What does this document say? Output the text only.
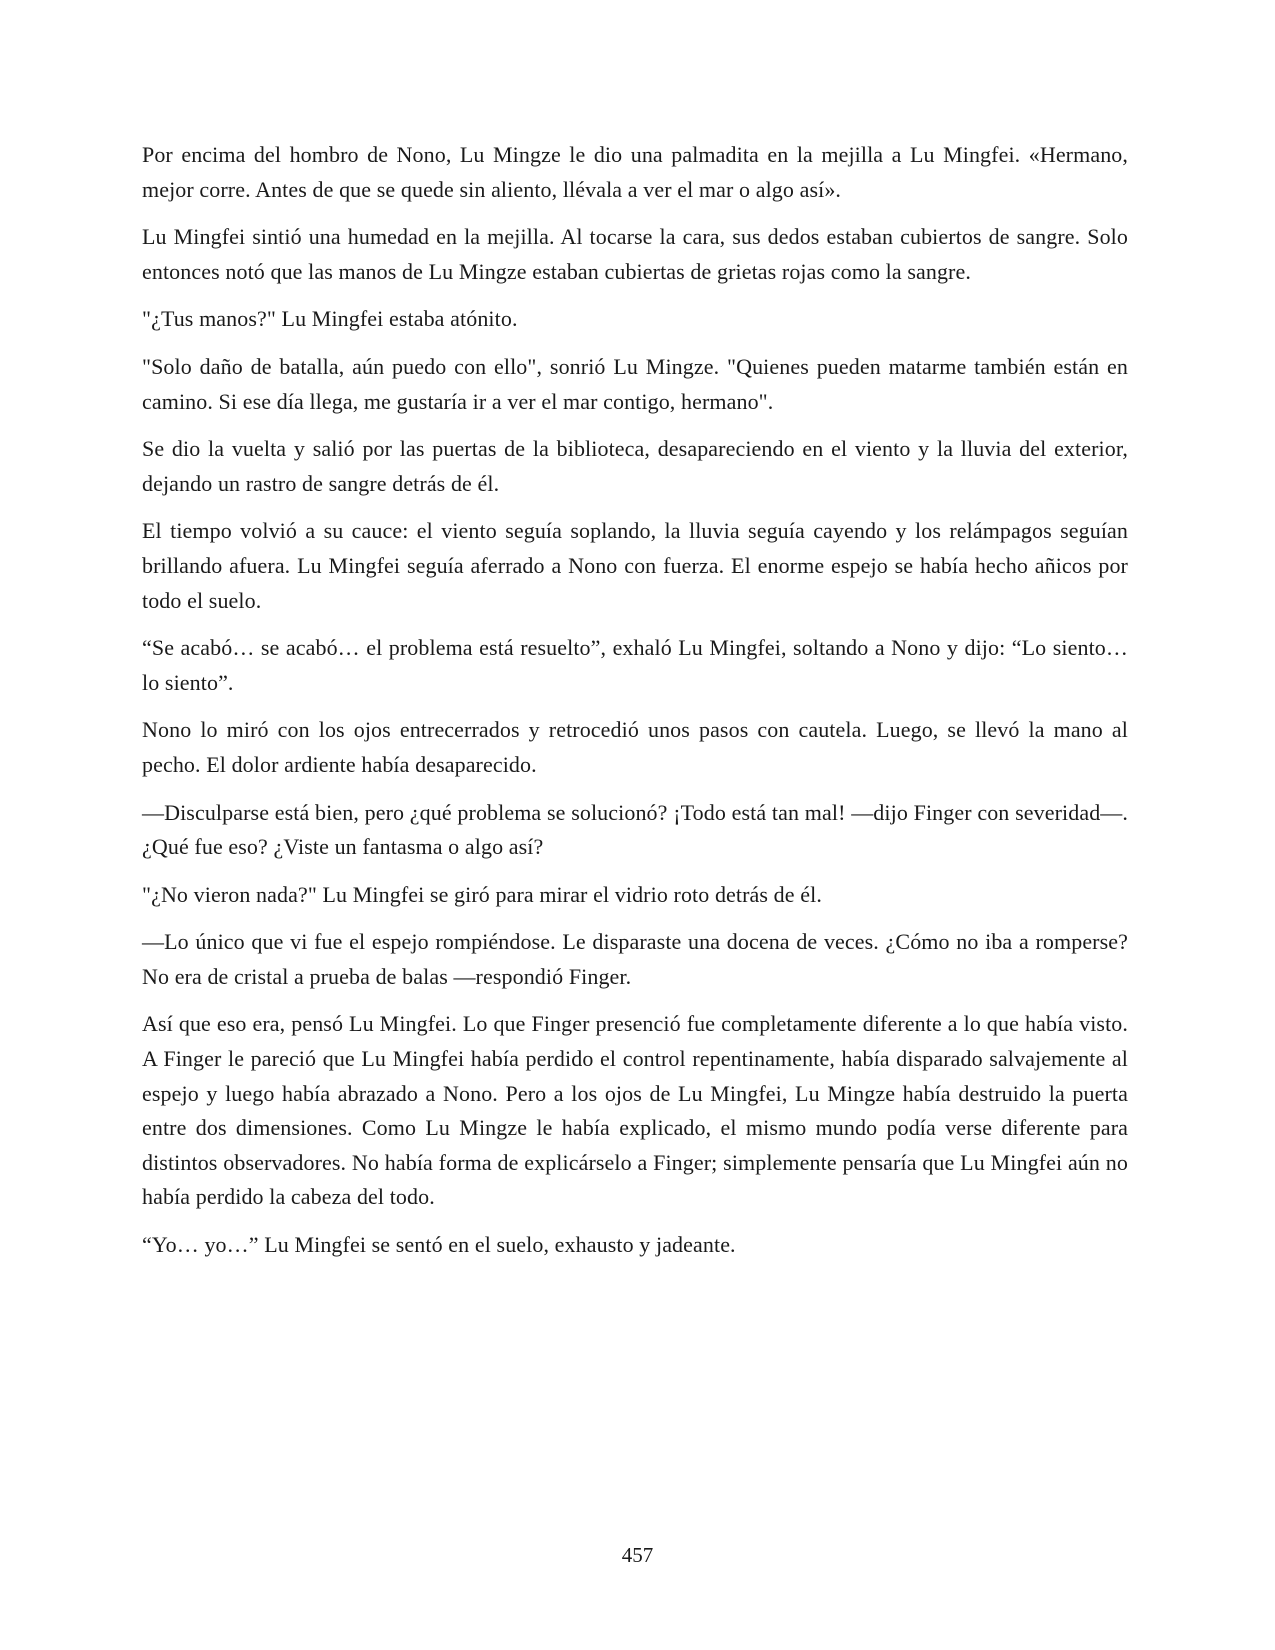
Por encima del hombro de Nono, Lu Mingze le dio una palmadita en la mejilla a Lu Mingfei. «Hermano, mejor corre. Antes de que se quede sin aliento, llévala a ver el mar o algo así».

Lu Mingfei sintió una humedad en la mejilla. Al tocarse la cara, sus dedos estaban cubiertos de sangre. Solo entonces notó que las manos de Lu Mingze estaban cubiertas de grietas rojas como la sangre.

"¿Tus manos?" Lu Mingfei estaba atónito.

"Solo daño de batalla, aún puedo con ello", sonrió Lu Mingze. "Quienes pueden matarme también están en camino. Si ese día llega, me gustaría ir a ver el mar contigo, hermano".

Se dio la vuelta y salió por las puertas de la biblioteca, desapareciendo en el viento y la lluvia del exterior, dejando un rastro de sangre detrás de él.

El tiempo volvió a su cauce: el viento seguía soplando, la lluvia seguía cayendo y los relámpagos seguían brillando afuera. Lu Mingfei seguía aferrado a Nono con fuerza. El enorme espejo se había hecho añicos por todo el suelo.

“Se acabó… se acabó… el problema está resuelto”, exhaló Lu Mingfei, soltando a Nono y dijo: “Lo siento… lo siento”.

Nono lo miró con los ojos entrecerrados y retrocedió unos pasos con cautela. Luego, se llevó la mano al pecho. El dolor ardiente había desaparecido.

—Disculparse está bien, pero ¿qué problema se solucionó? ¡Todo está tan mal! —dijo Finger con severidad—. ¿Qué fue eso? ¿Viste un fantasma o algo así?

"¿No vieron nada?" Lu Mingfei se giró para mirar el vidrio roto detrás de él.

—Lo único que vi fue el espejo rompiéndose. Le disparaste una docena de veces. ¿Cómo no iba a romperse? No era de cristal a prueba de balas —respondió Finger.

Así que eso era, pensó Lu Mingfei. Lo que Finger presenció fue completamente diferente a lo que había visto. A Finger le pareció que Lu Mingfei había perdido el control repentinamente, había disparado salvajemente al espejo y luego había abrazado a Nono. Pero a los ojos de Lu Mingfei, Lu Mingze había destruido la puerta entre dos dimensiones. Como Lu Mingze le había explicado, el mismo mundo podía verse diferente para distintos observadores. No había forma de explicárselo a Finger; simplemente pensaría que Lu Mingfei aún no había perdido la cabeza del todo.

“Yo… yo…” Lu Mingfei se sentó en el suelo, exhausto y jadeante.

457
